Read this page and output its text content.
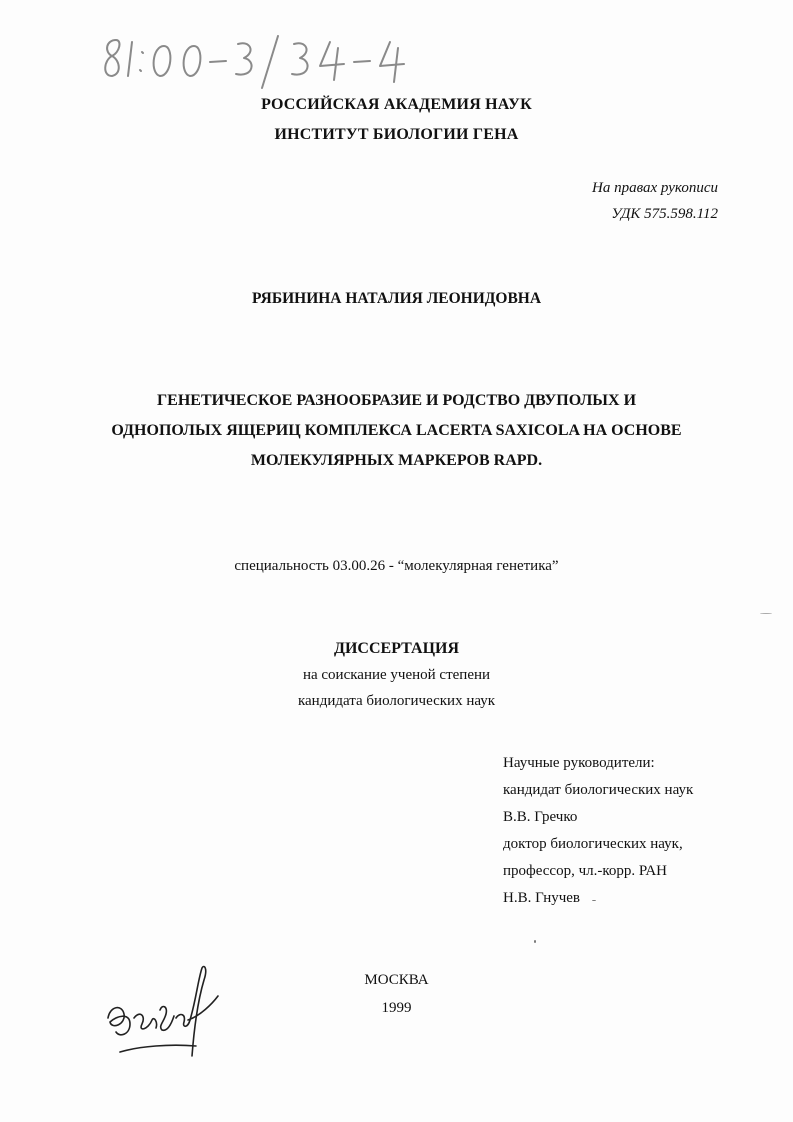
РОССИЙСКАЯ АКАДЕМИЯ НАУК
ИНСТИТУТ БИОЛОГИИ ГЕНА
На правах рукописи
УДК 575.598.112
РЯБИНИНА НАТАЛИЯ ЛЕОНИДОВНА
ГЕНЕТИЧЕСКОЕ РАЗНООБРАЗИЕ И РОДСТВО ДВУПОЛЫХ И
ОДНОПОЛЫХ ЯЩЕРИЦ КОМПЛЕКСА LACERTA SAXICOLA НА ОСНОВЕ
МОЛЕКУЛЯРНЫХ МАРКЕРОВ RAPD.
специальность 03.00.26 - “молекулярная генетика”
ДИССЕРТАЦИЯ
на соискание ученой степени
кандидата биологических наук
Научные руководители:
кандидат биологических наук
В.В. Гречко
доктор биологических наук,
профессор, чл.-корр. РАН
Н.В. Гнучев
МОСКВА
1999
